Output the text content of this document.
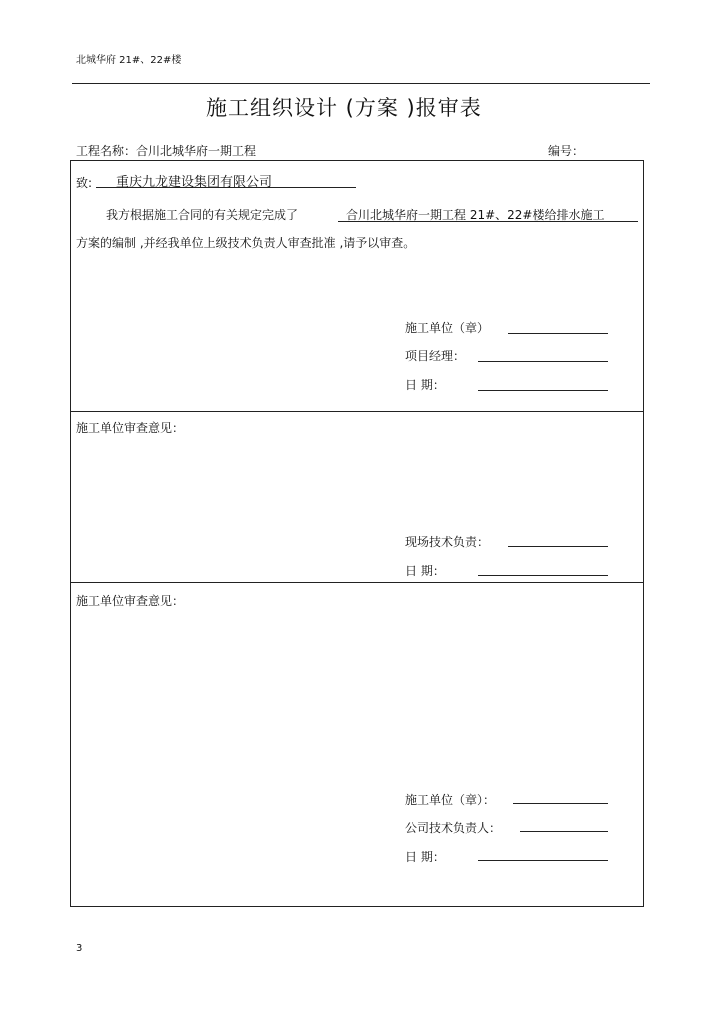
北城华府 21#、22#楼
施工组织设计 (方案 )报审表
工程名称：合川北城华府一期工程	编号：
致: 重庆九龙建设集团有限公司
我方根据施工合同的有关规定完成了	合川北城华府一期工程 21#、22#楼给排水施工
方案的编制 ,并经我单位上级技术负责人审查批准 ,请予以审查。
施工单位（章）
项目经理：
日 期：
施工单位审查意见：
现场技术负责：
日 期：
施工单位审查意见：
施工单位（章）：
公司技术负责人：
日 期：
3
